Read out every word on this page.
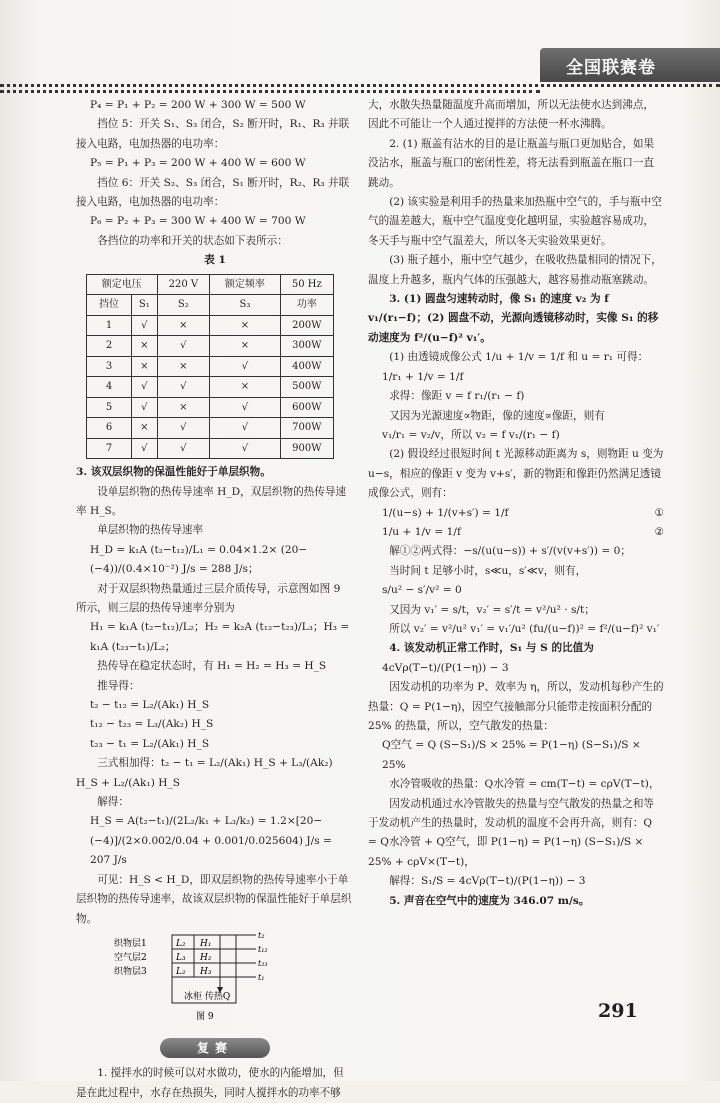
全国联赛卷

P₄ = P₁ + P₂ = 200 W + 300 W = 500 W

挡位 5：开关 S₁、S₃ 闭合，S₂ 断开时，R₁、R₃ 并联接入电路，电加热器的电功率：

P₅ = P₁ + P₃ = 200 W + 400 W = 600 W

挡位 6：开关 S₂、S₃ 闭合，S₁ 断开时，R₂、R₃ 并联接入电路，电加热器的电功率：

P₆ = P₂ + P₃ = 300 W + 400 W = 700 W

各挡位的功率和开关的状态如下表所示：

表 1

额定电压		220 V	额定频率	50 Hz
挡位	S₁	S₂	S₃	功率
1	√	×	×	200W
2	×	√	×	300W
3	×	×	√	400W
4	√	√	×	500W
5	√	×	√	600W
6	×	√	√	700W
7	√	√	√	900W

3. 该双层织物的保温性能好于单层织物。

设单层织物的热传导速率 H_D，双层织物的热传导速率 H_S。

单层织物的热传导速率

H_D = k₁A (t₂−t₁₂)/L₁ = 0.04×1.2× (20−(−4))/(0.4×10⁻²) J/s = 288 J/s；

对于双层织物热量通过三层介质传导，示意图如图 9 所示，则三层的热传导速率分别为

H₁ = k₁A (t₂−t₁₂)/L₂；H₂ = k₂A (t₁₂−t₂₃)/L₃；H₃ = k₁A (t₂₃−t₁)/L₂；

热传导在稳定状态时，有 H₁ = H₂ = H₃ = H_S

推导得：

t₂ − t₁₂ = L₂/(Ak₁) H_S

t₁₂ − t₂₃ = L₃/(Ak₂) H_S

t₂₃ − t₁ = L₂/(Ak₁) H_S

三式相加得：t₂ − t₁ = L₂/(Ak₁) H_S + L₃/(Ak₂) H_S + L₂/(Ak₁) H_S

解得：

H_S = A(t₂−t₁)/(2L₂/k₁ + L₃/k₂) = 1.2×[20−(−4)]/(2×0.002/0.04 + 0.001/0.025604) J/s = 207 J/s

可见：H_S < H_D，即双层织物的热传导速率小于单层织物的热传导速率，故该双层织物的保温性能好于单层织物。

织物层1
空气层2
织物层3
L₂ H₁
L₃ H₂
L₂ H₃
t₂
t₁₂
t₂₃
t₁
冰柜 传热Q
图 9
复赛

1. 搅拌水的时候可以对水做功，使水的内能增加，但是在此过程中，水存在热损失，同时人搅拌水的功率不够

大，水散失热量随温度升高而增加，所以无法使水达到沸点，因此不可能让一个人通过搅拌的方法使一杯水沸腾。

2. (1) 瓶盖有沾水的目的是让瓶盖与瓶口更加贴合，如果没沾水，瓶盖与瓶口的密闭性差，将无法看到瓶盖在瓶口一直跳动。

(2) 该实验是利用手的热量来加热瓶中空气的，手与瓶中空气的温差越大，瓶中空气温度变化越明显，实验越容易成功，冬天手与瓶中空气温差大，所以冬天实验效果更好。

(3) 瓶子越小，瓶中空气越少，在吸收热量相同的情况下，温度上升越多，瓶内气体的压强越大，越容易推动瓶塞跳动。

3. (1) 圆盘匀速转动时，像 S₁ 的速度 v₂ 为 f v₁/(r₁−f)；(2) 圆盘不动，光源向透镜移动时，实像 S₁ 的移动速度为 f²/(u−f)² v₁′。

(1) 由透镜成像公式 1/u + 1/v = 1/f 和 u = r₁ 可得：

1/r₁ + 1/v = 1/f

求得：像距 v = f r₁/(r₁ − f)

又因为光源速度∝物距，像的速度∝像距，则有

v₁/r₁ = v₂/v，所以 v₂ = f v₁/(r₁ − f)

(2) 假设经过很短时间 t 光源移动距离为 s，则物距 u 变为 u−s，相应的像距 v 变为 v+s′，新的物距和像距仍然满足透镜成像公式，则有：

1/(u−s) + 1/(v+s′) = 1/f	①

1/u + 1/v = 1/f	②

解①②两式得：−s/(u(u−s)) + s′/(v(v+s′)) = 0；

当时间 t 足够小时，s≪u，s′≪v，则有，

s/u² − s′/v² = 0

又因为 v₁′ = s/t，v₂′ = s′/t = v²/u² · s/t；

所以 v₂′ = v²/u² v₁′ = v₁′/u² (fu/(u−f))² = f²/(u−f)² v₁′

4. 该发动机正常工作时，S₁ 与 S 的比值为

4cVρ(T−t)/(P(1−η)) − 3

因发动机的功率为 P、效率为 η，所以，发动机每秒产生的热量：Q = P(1−η)，因空气接触部分只能带走按面积分配的 25% 的热量，所以，空气散发的热量：

Q空气 = Q (S−S₁)/S × 25% = P(1−η) (S−S₁)/S × 25%

水冷管吸收的热量：Q水冷管 = cm(T−t) = cρV(T−t)，

因发动机通过水冷管散失的热量与空气散发的热量之和等于发动机产生的热量时，发动机的温度不会再升高，则有：Q = Q水冷管 + Q空气，即 P(1−η) = P(1−η) (S−S₁)/S × 25% + cρV×(T−t)，

解得：S₁/S = 4cVρ(T−t)/(P(1−η)) − 3

5. 声音在空气中的速度为 346.07 m/s。

291
